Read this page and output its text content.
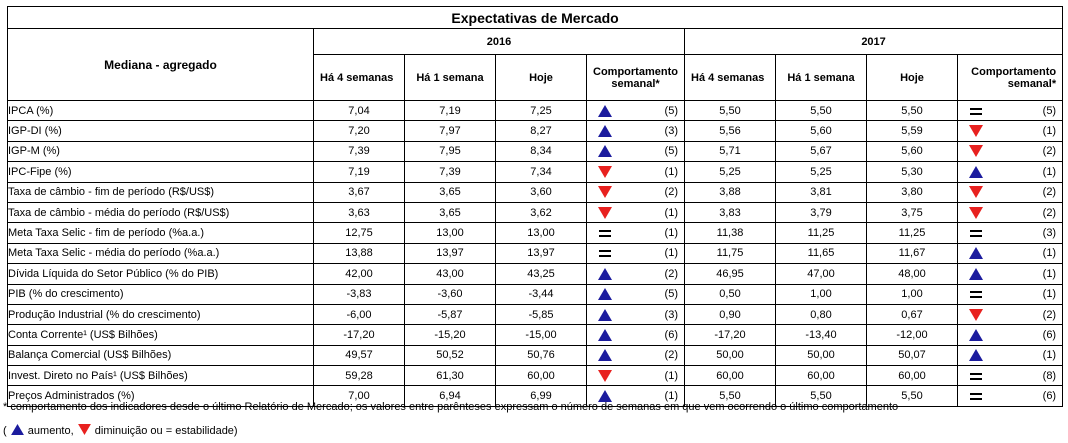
Expectativas de Mercado								
Mediana - agregado	2016				2017			
	Há 4 semanas	Há 1 semana	Hoje	Comportamento semanal*	Há 4 semanas	Há 1 semana	Hoje	Comportamento semanal*
IPCA (%)	7,04	7,19	7,25	(5)	5,50	5,50	5,50	(5)

IGP-DI (%)	7,20	7,97	8,27	(3)	5,56	5,60	5,59	(1)

IGP-M (%)	7,39	7,95	8,34	(5)	5,71	5,67	5,60	(2)

IPC-Fipe (%)	7,19	7,39	7,34	(1)	5,25	5,25	5,30	(1)

Taxa de câmbio - fim de período (R$/US$)	3,67	3,65	3,60	(2)	3,88	3,81	3,80	(2)

Taxa de câmbio - média do período (R$/US$)	3,63	3,65	3,62	(1)	3,83	3,79	3,75	(2)

Meta Taxa Selic - fim de período (%a.a.)	12,75	13,00	13,00	(1)	11,38	11,25	11,25	(3)

Meta Taxa Selic - média do período (%a.a.)	13,88	13,97	13,97	(1)	11,75	11,65	11,67	(1)

Dívida Líquida do Setor Público (% do PIB)	42,00	43,00	43,25	(2)	46,95	47,00	48,00	(1)

PIB (% do crescimento)	-3,83	-3,60	-3,44	(5)	0,50	1,00	1,00	(1)

Produção Industrial (% do crescimento)	-6,00	-5,87	-5,85	(3)	0,90	0,80	0,67	(2)

Conta Corrente¹ (US$ Bilhões)	-17,20	-15,20	-15,00	(6)	-17,20	-13,40	-12,00	(6)

Balança Comercial (US$ Bilhões)	49,57	50,52	50,76	(2)	50,00	50,00	50,07	(1)

Invest. Direto no País¹ (US$ Bilhões)	59,28	61,30	60,00	(1)	60,00	60,00	60,00	(8)

Preços Administrados (%)	7,00	6,94	6,99	(1)	5,50	5,50	5,50	(6)
* comportamento dos indicadores desde o último Relatório de Mercado; os valores entre parênteses expressam o número de semanas em que vem ocorrendo o último comportamento
( aumento, diminuição ou = estabilidade)
